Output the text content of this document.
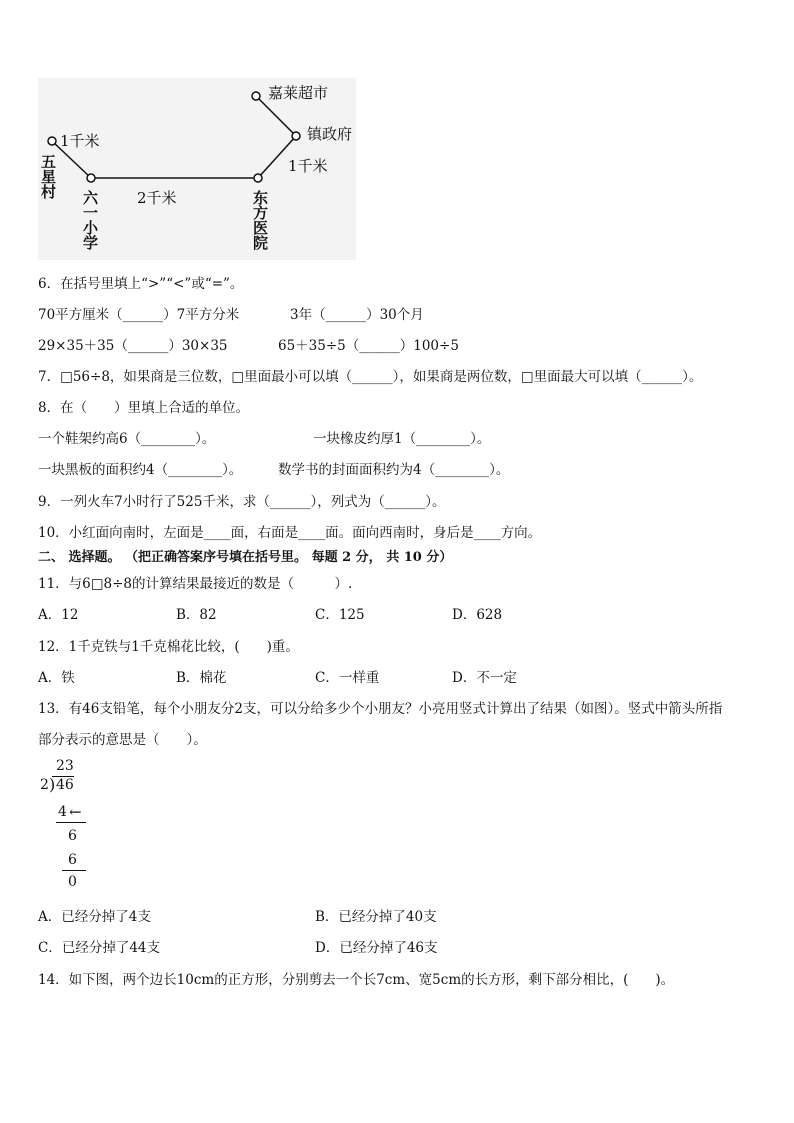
嘉莱超市
镇政府
1千米
2千米
1千米
五星村
六一小学	东方医院
6．在括号里填上“>”“<”或“=”。
70平方厘米（______）7平方分米	3年（______）30个月
29×35＋35（______）30×35	65＋35÷5（______）100÷5
7．□56÷8，如果商是三位数，□里面最小可以填（______），如果商是两位数，□里面最大可以填（______）。
8．在（　　）里填上合适的单位。
一个鞋架约高6（________）。	一块橡皮约厚1（________）。
一块黑板的面积约4（________）。	数学书的封面面积约为4（________）。
9．一列火车7小时行了525千米，求（______），列式为（______）。
10．小红面向南时，左面是____面，右面是____面。面向西南时，身后是____方向。
二、 选择题。 （把正确答案序号填在括号里。 每题 2 分， 共 10 分）
11．与6□8÷8的计算结果最接近的数是（　　　）.
A．12	B．82	C．125	D．628
12．1千克铁与1千克棉花比较，(　　)重。
A．铁	B．棉花	C．一样重	D．不一定
13．有46支铅笔，每个小朋友分2支，可以分给多少个小朋友？小亮用竖式计算出了结果（如图）。竖式中箭头所指
部分表示的意思是（　　）。
23
2 ) 46
4 ←
6
6
0
A．已经分掉了4支	B．已经分掉了40支
C．已经分掉了44支	D．已经分掉了46支
14．如下图，两个边长10cm的正方形，分别剪去一个长7cm、宽5cm的长方形，剩下部分相比，(　　)。
